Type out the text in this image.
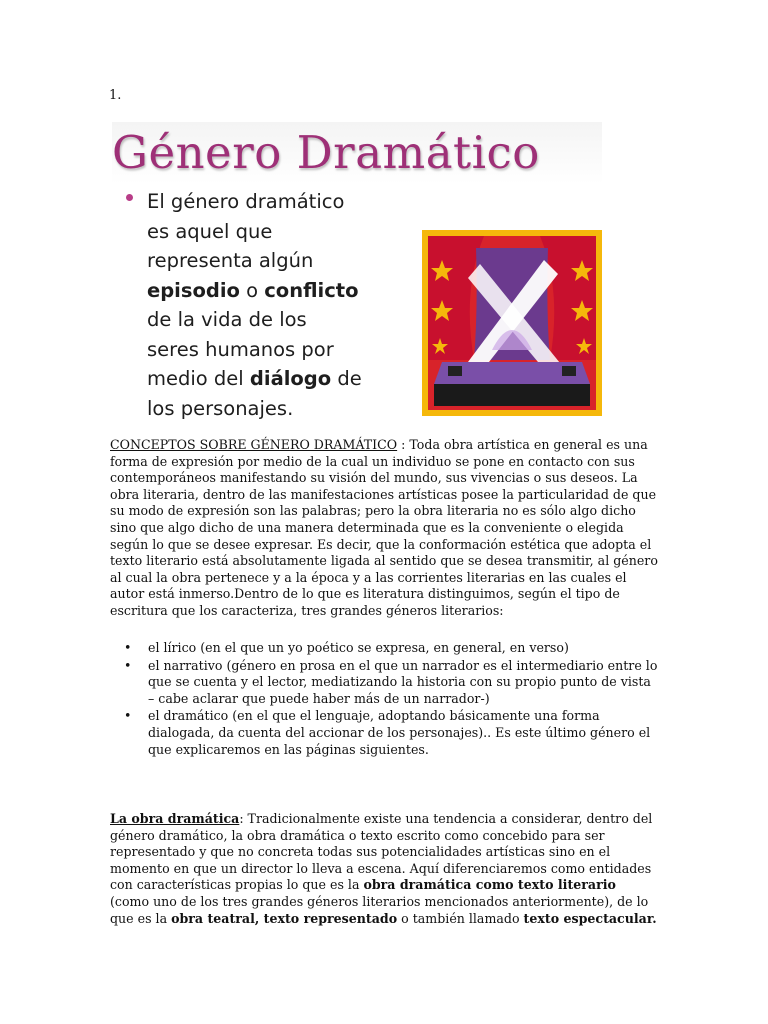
1.
Género Dramático
El género dramático
es aquel que
representa algún
episodio o conflicto
de la vida de los
seres humanos por
medio del diálogo de
los personajes.
CONCEPTOS SOBRE GÉNERO DRAMÁTICO : Toda obra artística en general es una forma de expresión por medio de la cual un individuo se pone en contacto con sus contemporáneos manifestando su visión del mundo, sus vivencias o sus deseos. La obra literaria, dentro de las manifestaciones artísticas posee la particularidad de que su modo de expresión son las palabras; pero la obra literaria no es sólo algo dicho sino que algo dicho de una manera determinada que es la conveniente o elegida según lo que se desee expresar. Es decir, que la conformación estética que adopta el texto literario está absolutamente ligada al sentido que se desea transmitir, al género al cual la obra pertenece y a la época y a las corrientes literarias en las cuales el autor está inmerso.Dentro de lo que es literatura distinguimos, según el tipo de escritura que los caracteriza, tres grandes géneros literarios:
• el lírico (en el que un yo poético se expresa, en general, en verso)
• el narrativo (género en prosa en el que un narrador es el intermediario entre lo que se cuenta y el lector, mediatizando la historia con su propio punto de vista – cabe aclarar que puede haber más de un narrador-)
• el dramático (en el que el lenguaje, adoptando básicamente una forma dialogada, da cuenta del accionar de los personajes).. Es este último género el que explicaremos en las páginas siguientes.
La obra dramática: Tradicionalmente existe una tendencia a considerar, dentro del género dramático, la obra dramática o texto escrito como concebido para ser representado y que no concreta todas sus potencialidades artísticas sino en el momento en que un director lo lleva a escena. Aquí diferenciaremos como entidades con características propias lo que es la obra dramática como texto literario (como uno de los tres grandes géneros literarios mencionados anteriormente), de lo que es la obra teatral, texto representado o también llamado texto espectacular.
